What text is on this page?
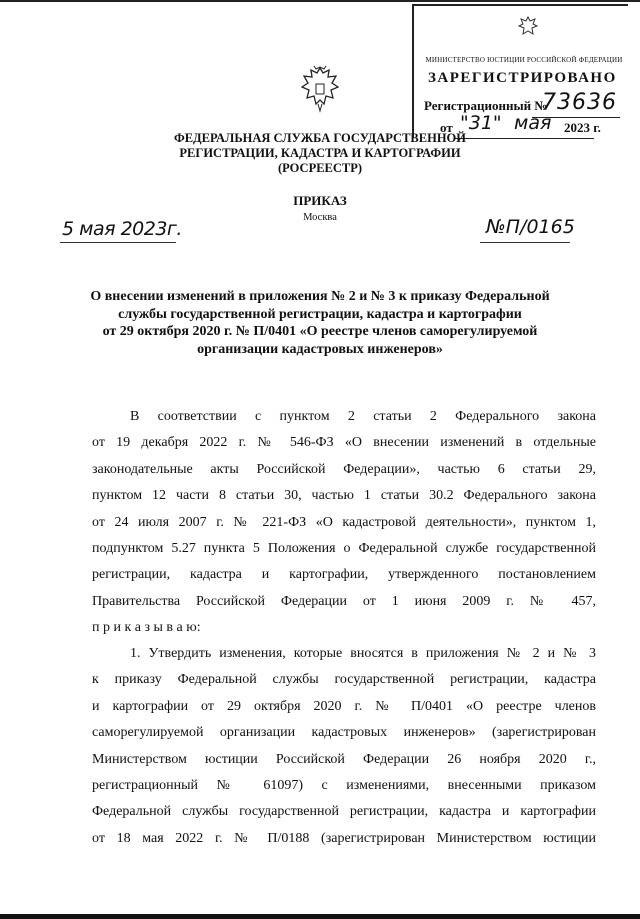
МИНИСТЕРСТВО ЮСТИЦИИ РОССИЙСКОЙ ФЕДЕРАЦИИ
ЗАРЕГИСТРИРОВАНО
Регистрационный №
73636
от "31" мая 2023 г.
ФЕДЕРАЛЬНАЯ СЛУЖБА ГОСУДАРСТВЕННОЙ
РЕГИСТРАЦИИ, КАДАСТРА И КАРТОГРАФИИ
(РОСРЕЕСТР)
ПРИКАЗ
Москва
5 мая 2023г.	№П/0165
О внесении изменений в приложения № 2 и № 3 к приказу Федеральной
службы государственной регистрации, кадастра и картографии
от 29 октября 2020 г. № П/0401 «О реестре членов саморегулируемой
организации кадастровых инженеров»
В соответствии с пунктом 2 статьи 2 Федерального закона
от 19 декабря 2022 г. № 546-ФЗ «О внесении изменений в отдельные
законодательные акты Российской Федерации», частью 6 статьи 29,
пунктом 12 части 8 статьи 30, частью 1 статьи 30.2 Федерального закона
от 24 июля 2007 г. № 221-ФЗ «О кадастровой деятельности», пунктом 1,
подпунктом 5.27 пункта 5 Положения о Федеральной службе государственной
регистрации, кадастра и картографии, утвержденного постановлением
Правительства Российской Федерации от 1 июня 2009 г. № 457,
п р и к а з ы в а ю:
1. Утвердить изменения, которые вносятся в приложения № 2 и № 3
к приказу Федеральной службы государственной регистрации, кадастра
и картографии от 29 октября 2020 г. № П/0401 «О реестре членов
саморегулируемой организации кадастровых инженеров» (зарегистрирован
Министерством юстиции Российской Федерации 26 ноября 2020 г.,
регистрационный № 61097) с изменениями, внесенными приказом
Федеральной службы государственной регистрации, кадастра и картографии
от 18 мая 2022 г. № П/0188 (зарегистрирован Министерством юстиции
